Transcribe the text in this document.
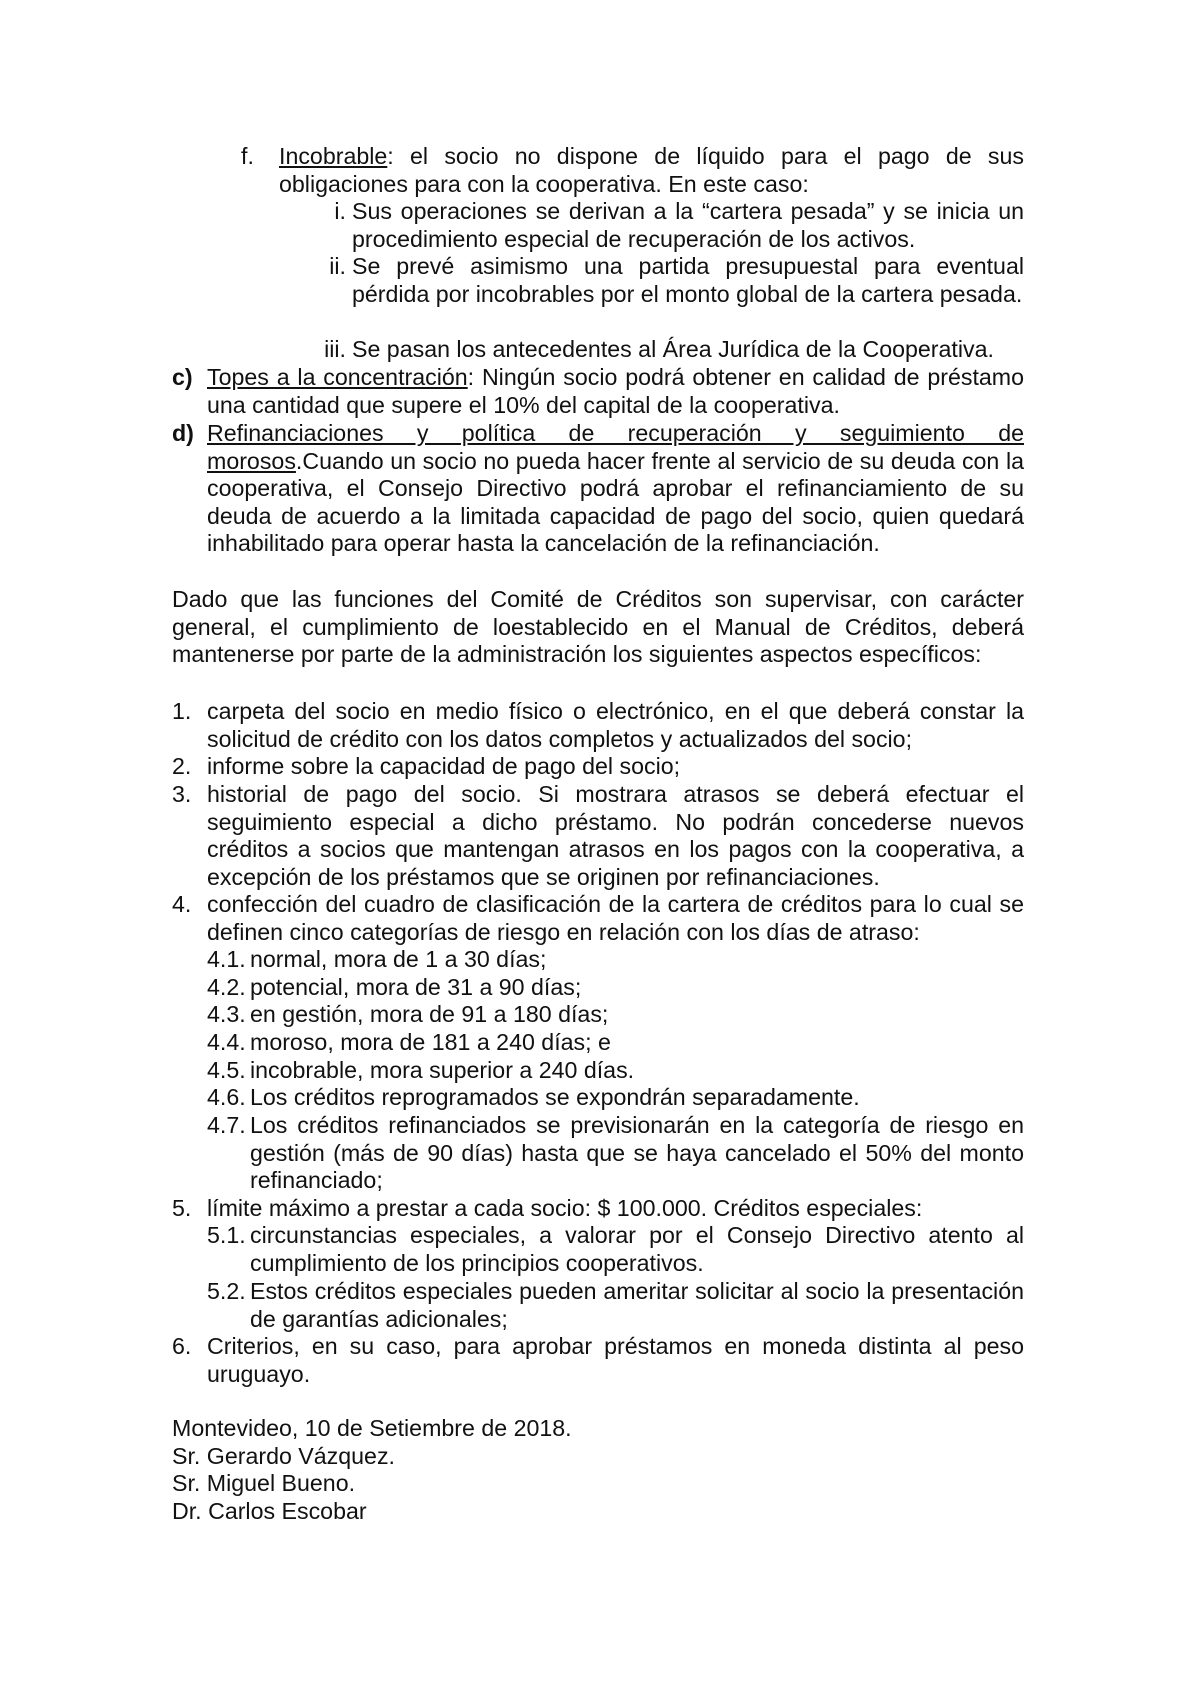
f. Incobrable: el socio no dispone de líquido para el pago de sus obligaciones para con la cooperativa. En este caso:
i. Sus operaciones se derivan a la “cartera pesada” y se inicia un procedimiento especial de recuperación de los activos.
ii. Se prevé asimismo una partida presupuestal para eventual pérdida por incobrables por el monto global de la cartera pesada.
iii. Se pasan los antecedentes al Área Jurídica de la Cooperativa.
c) Topes a la concentración: Ningún socio podrá obtener en calidad de préstamo una cantidad que supere el 10% del capital de la cooperativa.
d) Refinanciaciones y política de recuperación y seguimiento de
morosos.Cuando un socio no pueda hacer frente al servicio de su deuda con la cooperativa, el Consejo Directivo podrá aprobar el refinanciamiento de su deuda de acuerdo a la limitada capacidad de pago del socio, quien quedará inhabilitado para operar hasta la cancelación de la refinanciación.
Dado que las funciones del Comité de Créditos son supervisar, con carácter general, el cumplimiento de loestablecido en el Manual de Créditos, deberá mantenerse por parte de la administración los siguientes aspectos específicos:
1. carpeta del socio en medio físico o electrónico, en el que deberá constar la solicitud de crédito con los datos completos y actualizados del socio;
2. informe sobre la capacidad de pago del socio;
3. historial de pago del socio. Si mostrara atrasos se deberá efectuar el seguimiento especial a dicho préstamo. No podrán concederse nuevos créditos a socios que mantengan atrasos en los pagos con la cooperativa, a excepción de los préstamos que se originen por refinanciaciones.
4. confección del cuadro de clasificación de la cartera de créditos para lo cual se definen cinco categorías de riesgo en relación con los días de atraso:
4.1. normal, mora de 1 a 30 días;
4.2. potencial, mora de 31 a 90 días;
4.3. en gestión, mora de 91 a 180 días;
4.4. moroso, mora de 181 a 240 días; e
4.5. incobrable, mora superior a 240 días.
4.6. Los créditos reprogramados se expondrán separadamente.
4.7. Los créditos refinanciados se previsionarán en la categoría de riesgo en gestión (más de 90 días) hasta que se haya cancelado el 50% del monto refinanciado;
5. límite máximo a prestar a cada socio: $ 100.000. Créditos especiales:
5.1. circunstancias especiales, a valorar por el Consejo Directivo atento al cumplimiento de los principios cooperativos.
5.2. Estos créditos especiales pueden ameritar solicitar al socio la presentación de garantías adicionales;
6. Criterios, en su caso, para aprobar préstamos en moneda distinta al peso uruguayo.
Montevideo, 10 de Setiembre de 2018.
Sr. Gerardo Vázquez.
Sr. Miguel Bueno.
Dr. Carlos Escobar
